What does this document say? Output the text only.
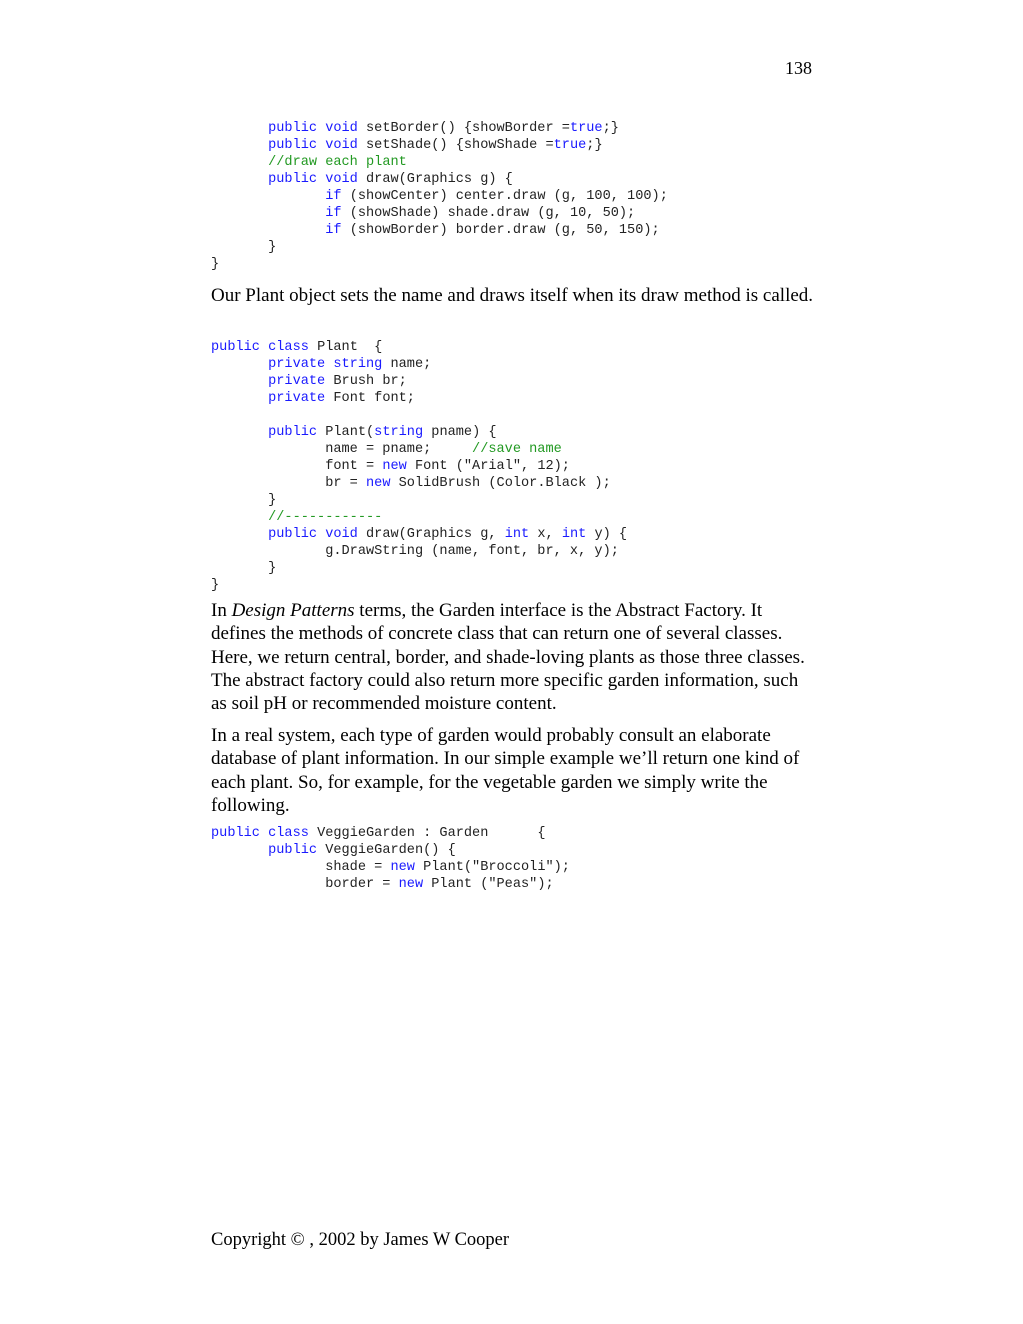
138
public void setBorder() {showBorder =true;}
public void setShade() {showShade =true;}
//draw each plant
public void draw(Graphics g) {
if (showCenter) center.draw (g, 100, 100);
if (showShade) shade.draw (g, 10, 50);
if (showBorder) border.draw (g, 50, 150);
}
}

Our Plant object sets the name and draws itself when its draw method is called.

public class Plant  {
private string name;
private Brush br;
private Font font;
public Plant(string pname) {
name = pname;     //save name
font = new Font ("Arial", 12);
br = new SolidBrush (Color.Black );
}
//------------
public void draw(Graphics g, int x, int y) {
g.DrawString (name, font, br, x, y);
}
}

In Design Patterns terms, the Garden interface is the Abstract Factory. It defines the methods of concrete class that can return one of several classes. Here, we return central, border, and shade-loving plants as those three classes. The abstract factory could also return more specific garden information, such as soil pH or recommended moisture content.

In a real system, each type of garden would probably consult an elaborate database of plant information. In our simple example we’ll return one kind of each plant. So, for example, for the vegetable garden we simply write the following.

public class VeggieGarden : Garden      {
public VeggieGarden() {
shade = new Plant("Broccoli");
border = new Plant ("Peas");
Copyright © , 2002 by James W Cooper
